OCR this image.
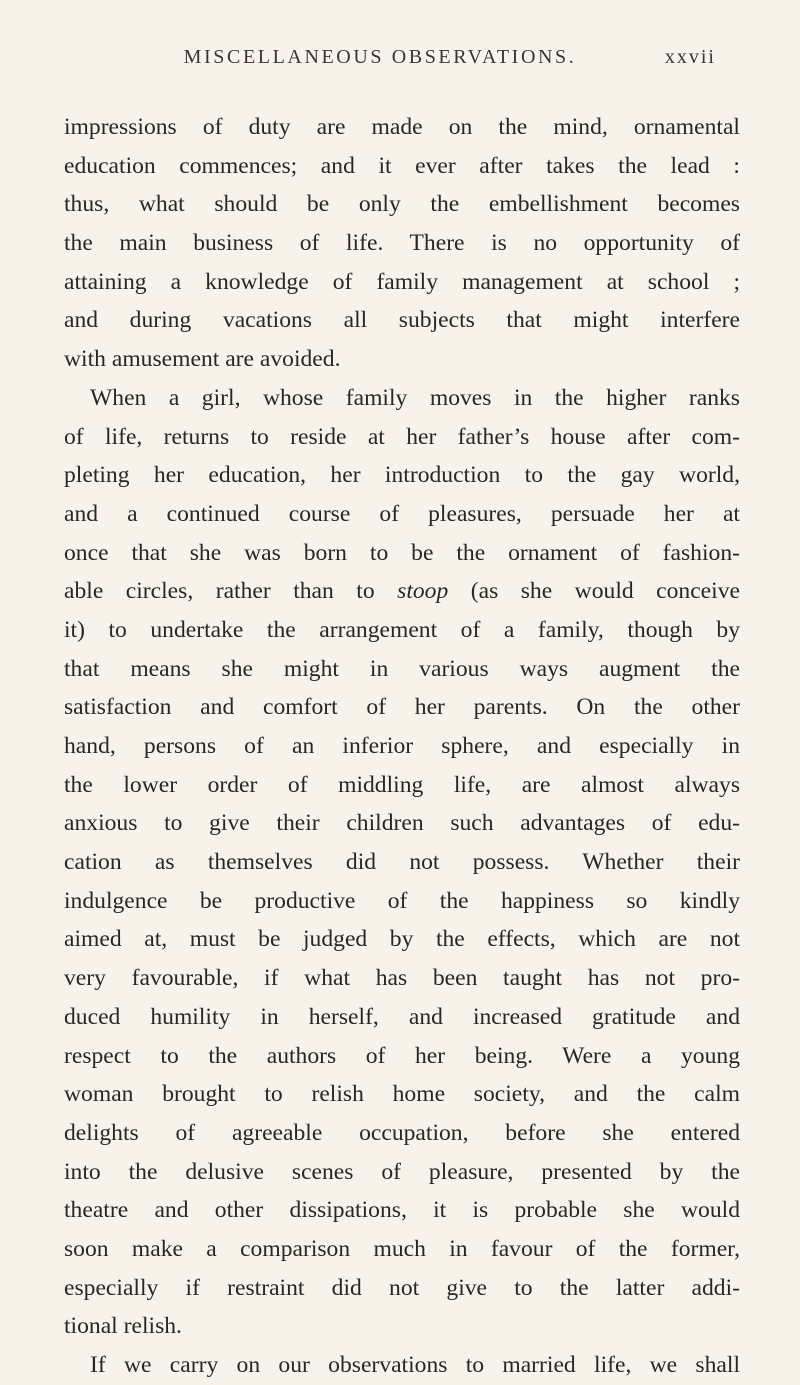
MISCELLANEOUS OBSERVATIONS.	xxvii
impressions of duty are made on the mind, ornamental
education commences; and it ever after takes the lead :
thus, what should be only the embellishment becomes
the main business of life. There is no opportunity of
attaining a knowledge of family management at school ;
and during vacations all subjects that might interfere
with amusement are avoided.
When a girl, whose family moves in the higher ranks
of life, returns to reside at her father’s house after com-
pleting her education, her introduction to the gay world,
and a continued course of pleasures, persuade her at
once that she was born to be the ornament of fashion-
able circles, rather than to stoop (as she would conceive
it) to undertake the arrangement of a family, though by
that means she might in various ways augment the
satisfaction and comfort of her parents. On the other
hand, persons of an inferior sphere, and especially in
the lower order of middling life, are almost always
anxious to give their children such advantages of edu-
cation as themselves did not possess. Whether their
indulgence be productive of the happiness so kindly
aimed at, must be judged by the effects, which are not
very favourable, if what has been taught has not pro-
duced humility in herself, and increased gratitude and
respect to the authors of her being. Were a young
woman brought to relish home society, and the calm
delights of agreeable occupation, before she entered
into the delusive scenes of pleasure, presented by the
theatre and other dissipations, it is probable she would
soon make a comparison much in favour of the former,
especially if restraint did not give to the latter addi-
tional relish.
If we carry on our observations to married life, we shall
